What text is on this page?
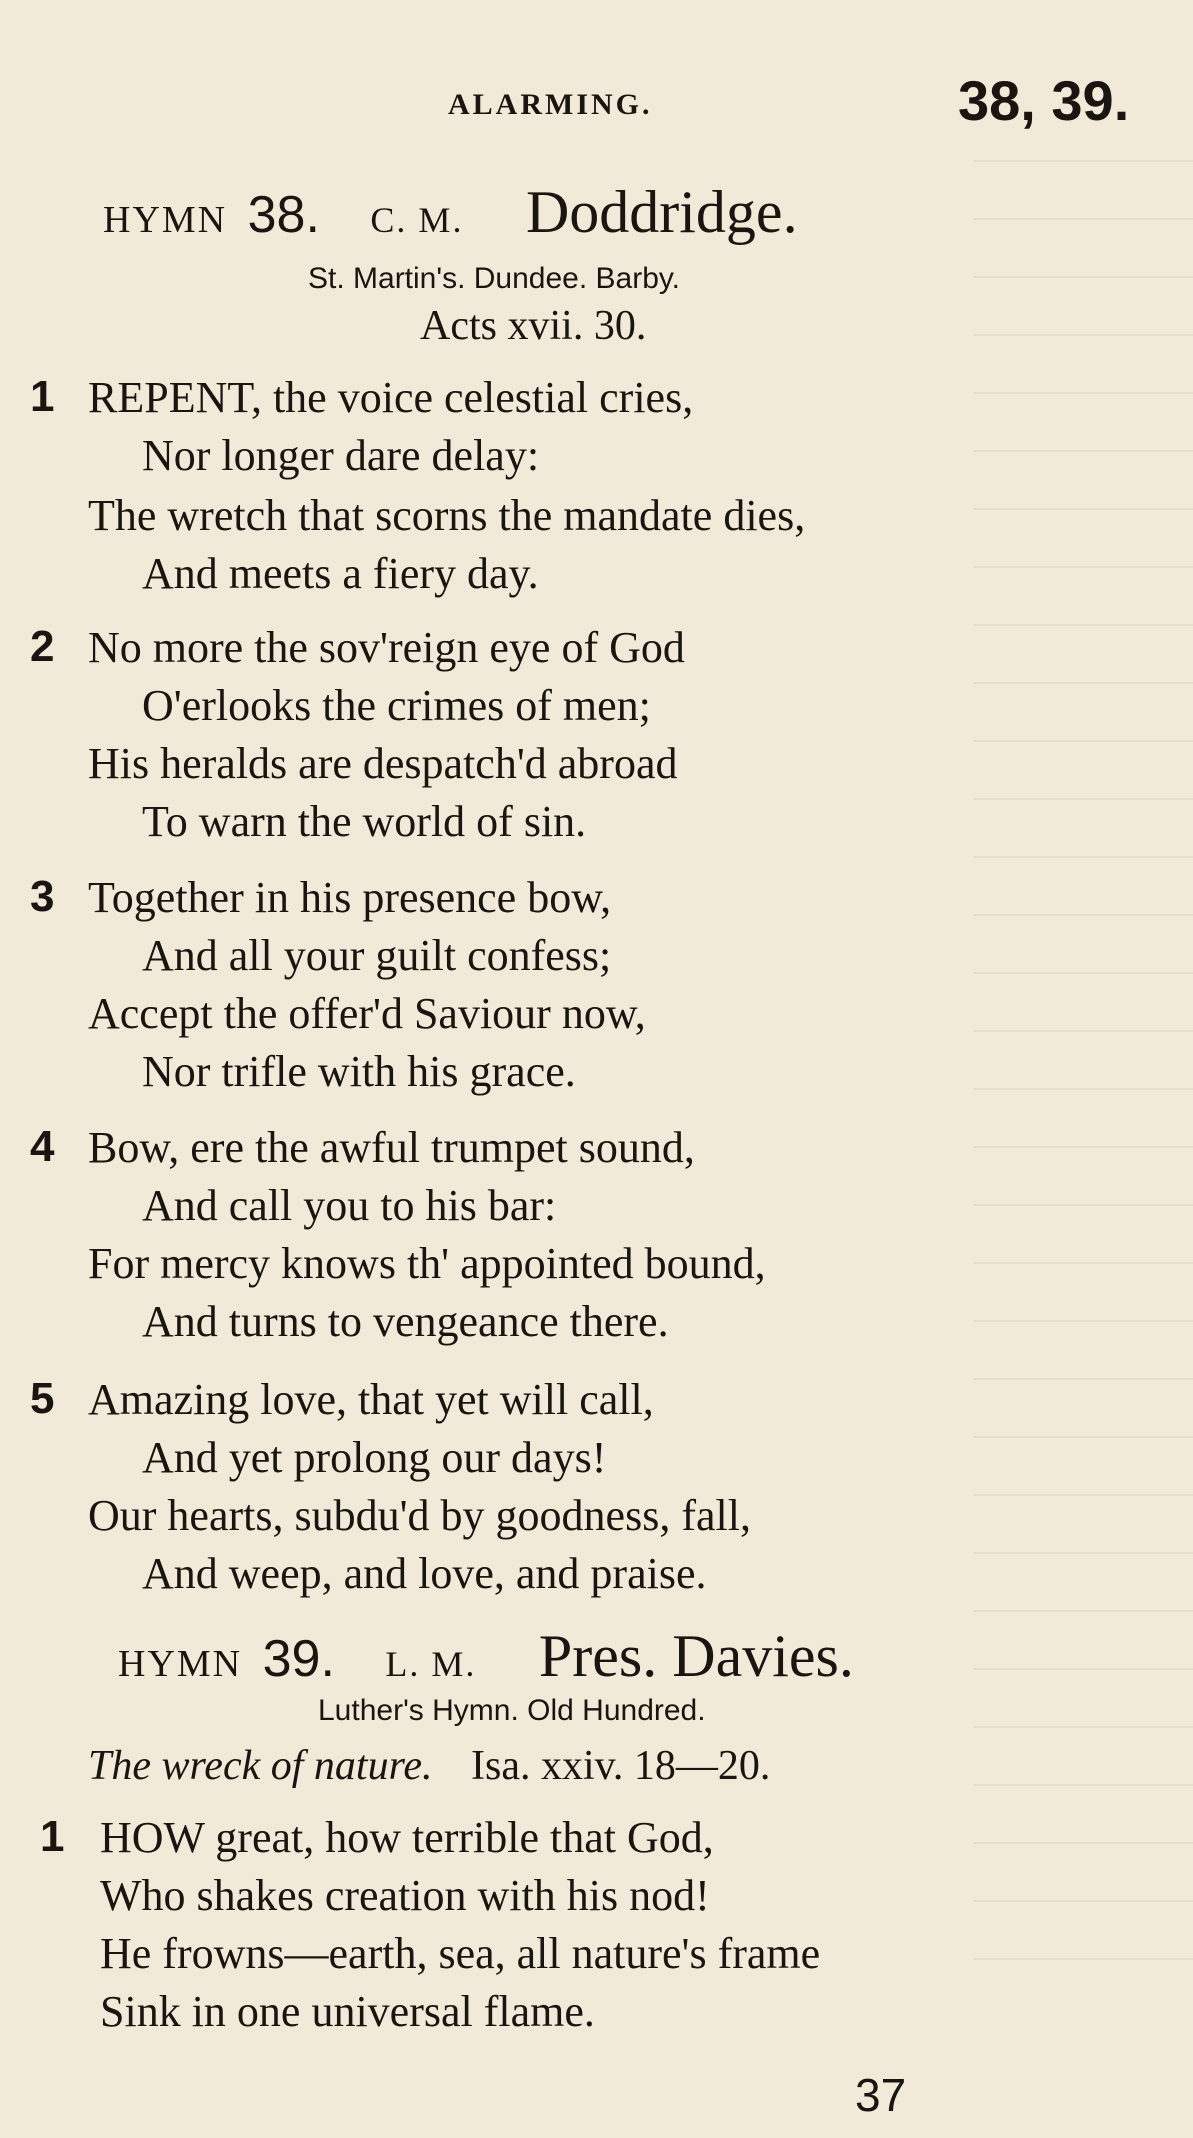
ALARMING.	38, 39.
HYMN 38. C. M. Doddridge.
St. Martin's. Dundee. Barby.
Acts xvii. 30.
1 REPENT, the voice celestial cries,
Nor longer dare delay:
The wretch that scorns the mandate dies,
And meets a fiery day.
2 No more the sov'reign eye of God
O'erlooks the crimes of men;
His heralds are despatch'd abroad
To warn the world of sin.
3 Together in his presence bow,
And all your guilt confess;
Accept the offer'd Saviour now,
Nor trifle with his grace.
4 Bow, ere the awful trumpet sound,
And call you to his bar:
For mercy knows th' appointed bound,
And turns to vengeance there.
5 Amazing love, that yet will call,
And yet prolong our days!
Our hearts, subdu'd by goodness, fall,
And weep, and love, and praise.
HYMN 39. L. M. Pres. Davies.
Luther's Hymn. Old Hundred.
The wreck of nature. Isa. xxiv. 18—20.
1 HOW great, how terrible that God,
Who shakes creation with his nod!
He frowns—earth, sea, all nature's frame
Sink in one universal flame.
37
